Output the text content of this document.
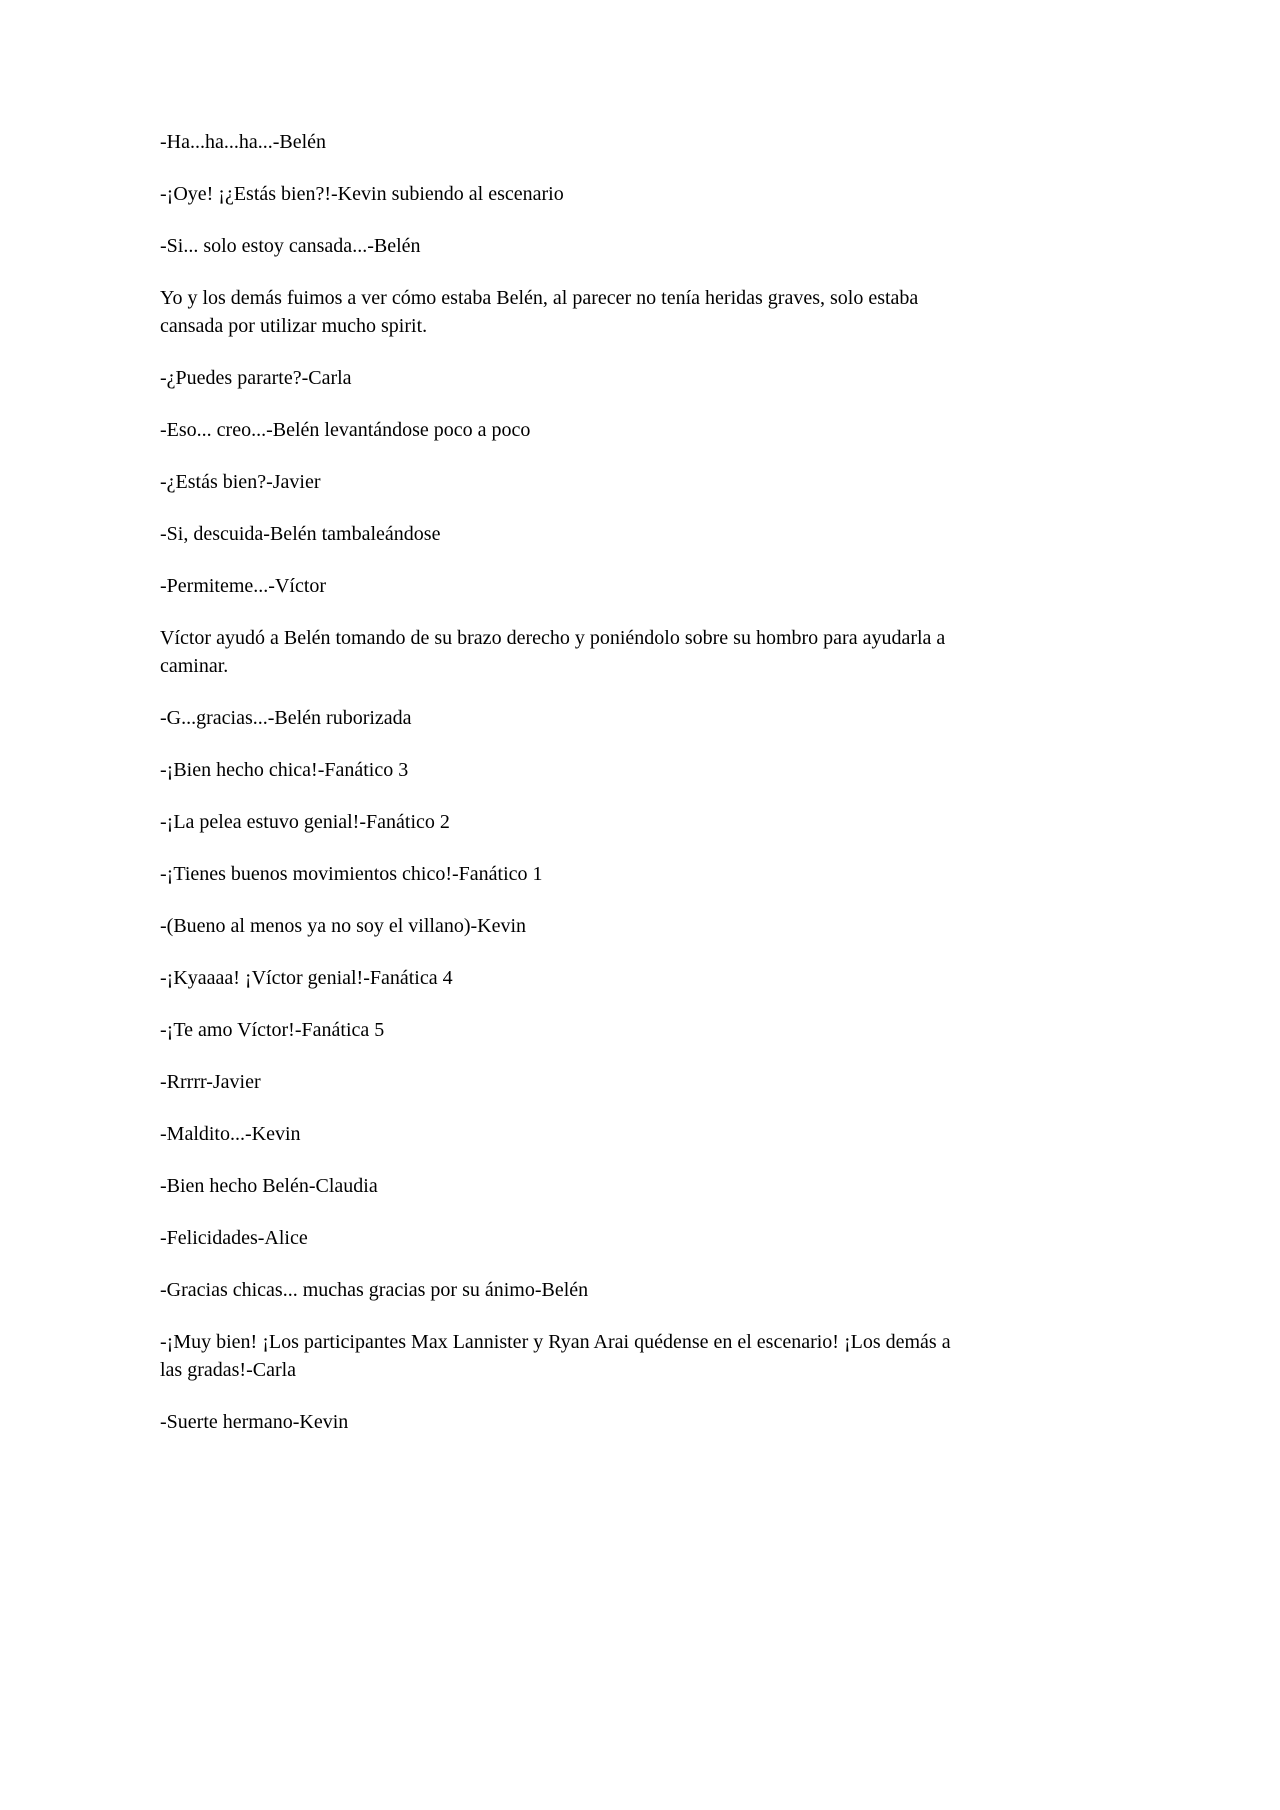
-Ha...ha...ha...-Belén

-¡Oye! ¡¿Estás bien?!-Kevin subiendo al escenario

-Si... solo estoy cansada...-Belén

Yo y los demás fuimos a ver cómo estaba Belén, al parecer no tenía heridas graves, solo estaba cansada por utilizar mucho spirit.

-¿Puedes pararte?-Carla

-Eso... creo...-Belén levantándose poco a poco

-¿Estás bien?-Javier

-Si, descuida-Belén tambaleándose

-Permiteme...-Víctor

Víctor ayudó a Belén tomando de su brazo derecho y poniéndolo sobre su hombro para ayudarla a caminar.

-G...gracias...-Belén ruborizada

-¡Bien hecho chica!-Fanático 3

-¡La pelea estuvo genial!-Fanático 2

-¡Tienes buenos movimientos chico!-Fanático 1

-(Bueno al menos ya no soy el villano)-Kevin

-¡Kyaaaa! ¡Víctor genial!-Fanática 4

-¡Te amo Víctor!-Fanática 5

-Rrrrr-Javier

-Maldito...-Kevin

-Bien hecho Belén-Claudia

-Felicidades-Alice

-Gracias chicas... muchas gracias por su ánimo-Belén

-¡Muy bien! ¡Los participantes Max Lannister y Ryan Arai quédense en el escenario! ¡Los demás a las gradas!-Carla

-Suerte hermano-Kevin
